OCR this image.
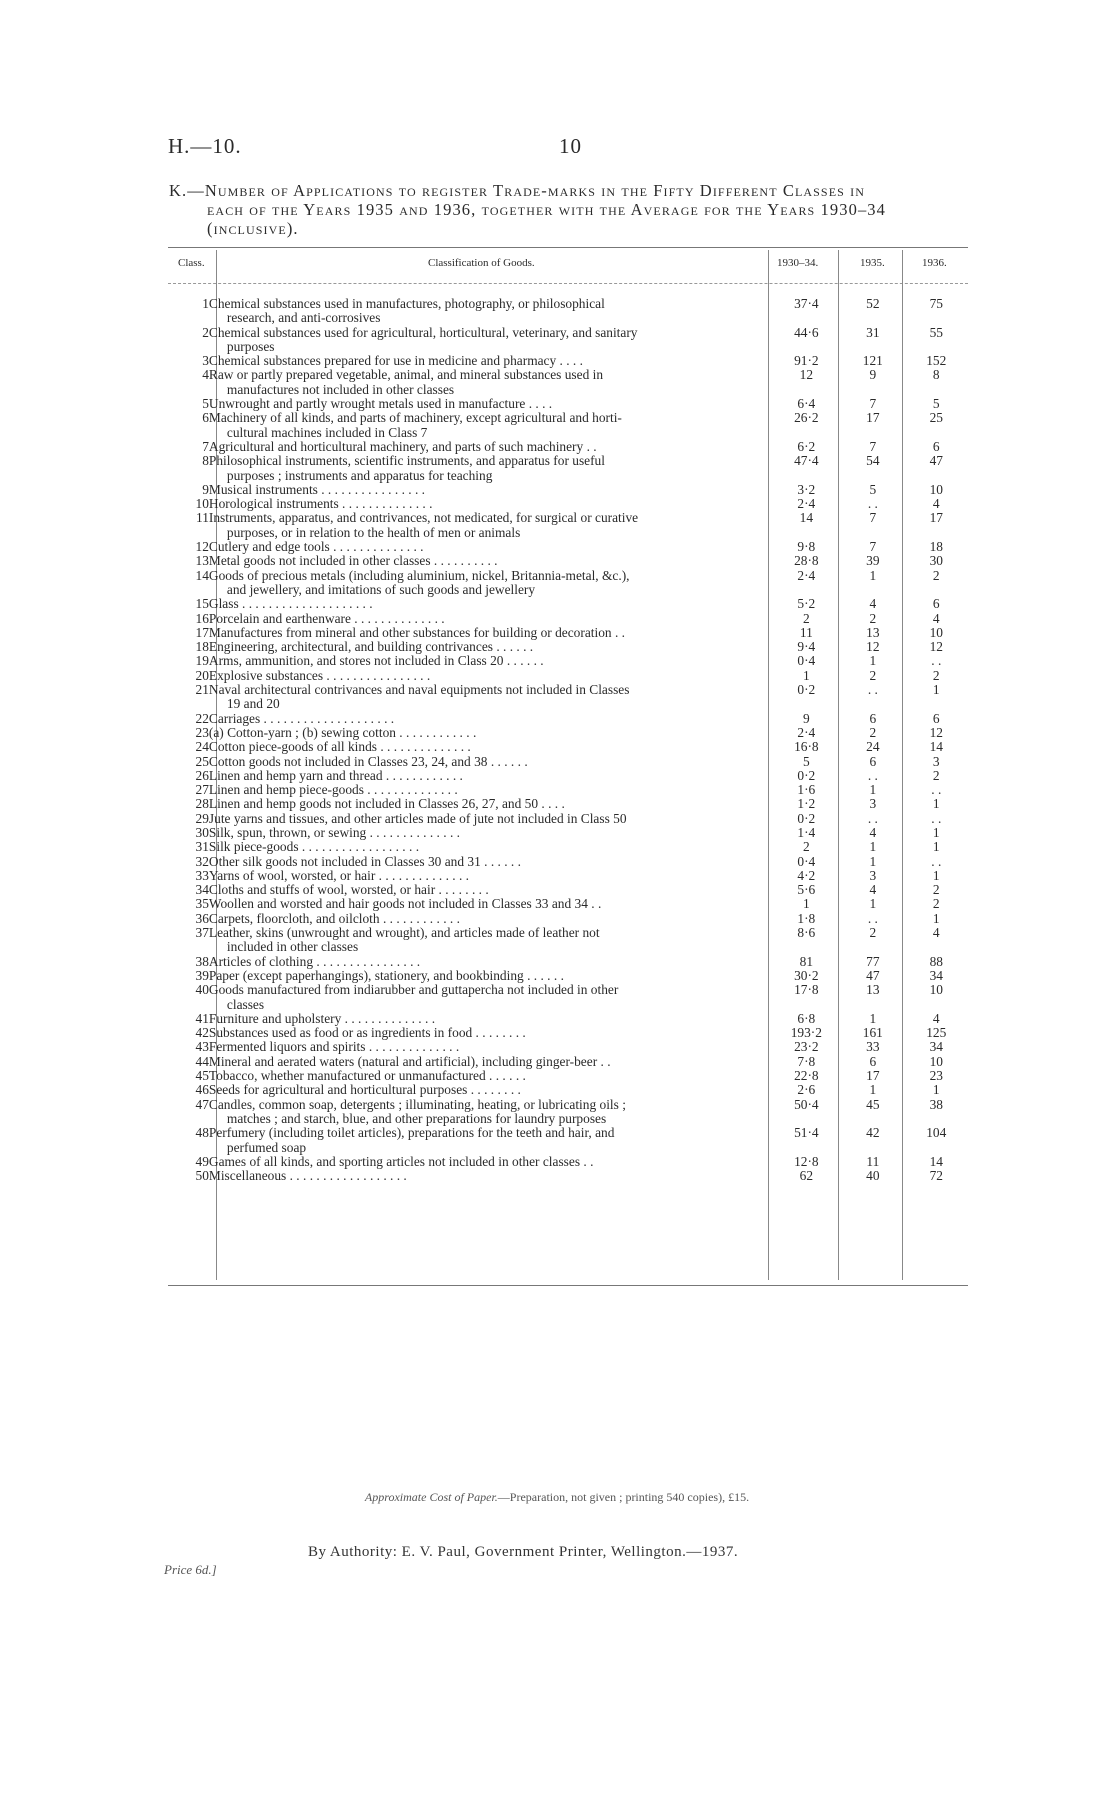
H.—10.	10
K.—Number of Applications to register Trade-marks in the Fifty Different Classes in
each of the Years 1935 and 1936, together with the Average for the Years 1930–34 (inclusive).
Class.	Classification of Goods.	1930–34.	1935.	1936.
1	Chemical substances used in manufactures, photography, or philosophical
research, and anti-corrosives	37·4	52	75
2	Chemical substances used for agricultural, horticultural, veterinary, and sanitary
purposes	44·6	31	55
3	Chemical substances prepared for use in medicine and pharmacy . . . .	91·2	121	152
4	Raw or partly prepared vegetable, animal, and mineral substances used in
manufactures not included in other classes	12	9	8
5	Unwrought and partly wrought metals used in manufacture . . . .	6·4	7	5
6	Machinery of all kinds, and parts of machinery, except agricultural and horti-
cultural machines included in Class 7	26·2	17	25
7	Agricultural and horticultural machinery, and parts of such machinery . .	6·2	7	6
8	Philosophical instruments, scientific instruments, and apparatus for useful
purposes ; instruments and apparatus for teaching	47·4	54	47
9	Musical instruments . . . . . . . . . . . . . . . .	3·2	5	10
10	Horological instruments . . . . . . . . . . . . . .	2·4	. .	4
11	Instruments, apparatus, and contrivances, not medicated, for surgical or curative
purposes, or in relation to the health of men or animals	14	7	17
12	Cutlery and edge tools . . . . . . . . . . . . . .	9·8	7	18
13	Metal goods not included in other classes . . . . . . . . . .	28·8	39	30
14	Goods of precious metals (including aluminium, nickel, Britannia-metal, &c.),
and jewellery, and imitations of such goods and jewellery	2·4	1	2
15	Glass . . . . . . . . . . . . . . . . . . . .	5·2	4	6
16	Porcelain and earthenware . . . . . . . . . . . . . .	2	2	4
17	Manufactures from mineral and other substances for building or decoration . .	11	13	10
18	Engineering, architectural, and building contrivances . . . . . .	9·4	12	12
19	Arms, ammunition, and stores not included in Class 20 . . . . . .	0·4	1	. .
20	Explosive substances . . . . . . . . . . . . . . . .	1	2	2
21	Naval architectural contrivances and naval equipments not included in Classes
19 and 20	0·2	. .	1
22	Carriages . . . . . . . . . . . . . . . . . . . .	9	6	6
23	(a) Cotton-yarn ; (b) sewing cotton . . . . . . . . . . . .	2·4	2	12
24	Cotton piece-goods of all kinds . . . . . . . . . . . . . .	16·8	24	14
25	Cotton goods not included in Classes 23, 24, and 38 . . . . . .	5	6	3
26	Linen and hemp yarn and thread . . . . . . . . . . . .	0·2	. .	2
27	Linen and hemp piece-goods . . . . . . . . . . . . . .	1·6	1	. .
28	Linen and hemp goods not included in Classes 26, 27, and 50 . . . .	1·2	3	1
29	Jute yarns and tissues, and other articles made of jute not included in Class 50	0·2	. .	. .
30	Silk, spun, thrown, or sewing . . . . . . . . . . . . . .	1·4	4	1
31	Silk piece-goods . . . . . . . . . . . . . . . . . .	2	1	1
32	Other silk goods not included in Classes 30 and 31 . . . . . .	0·4	1	. .
33	Yarns of wool, worsted, or hair . . . . . . . . . . . . . .	4·2	3	1
34	Cloths and stuffs of wool, worsted, or hair . . . . . . . .	5·6	4	2
35	Woollen and worsted and hair goods not included in Classes 33 and 34 . .	1	1	2
36	Carpets, floorcloth, and oilcloth . . . . . . . . . . . .	1·8	. .	1
37	Leather, skins (unwrought and wrought), and articles made of leather not
included in other classes	8·6	2	4
38	Articles of clothing . . . . . . . . . . . . . . . .	81	77	88
39	Paper (except paperhangings), stationery, and bookbinding . . . . . .	30·2	47	34
40	Goods manufactured from indiarubber and guttapercha not included in other
classes	17·8	13	10
41	Furniture and upholstery . . . . . . . . . . . . . .	6·8	1	4
42	Substances used as food or as ingredients in food . . . . . . . .	193·2	161	125
43	Fermented liquors and spirits . . . . . . . . . . . . . .	23·2	33	34
44	Mineral and aerated waters (natural and artificial), including ginger-beer . .	7·8	6	10
45	Tobacco, whether manufactured or unmanufactured . . . . . .	22·8	17	23
46	Seeds for agricultural and horticultural purposes . . . . . . . .	2·6	1	1
47	Candles, common soap, detergents ; illuminating, heating, or lubricating oils ;
matches ; and starch, blue, and other preparations for laundry purposes	50·4	45	38
48	Perfumery (including toilet articles), preparations for the teeth and hair, and
perfumed soap	51·4	42	104
49	Games of all kinds, and sporting articles not included in other classes . .	12·8	11	14
50	Miscellaneous . . . . . . . . . . . . . . . . . .	62	40	72
Approximate Cost of Paper.—Preparation, not given ; printing 540 copies), £15.
Price 6d.]
By Authority: E. V. Paul, Government Printer, Wellington.—1937.
